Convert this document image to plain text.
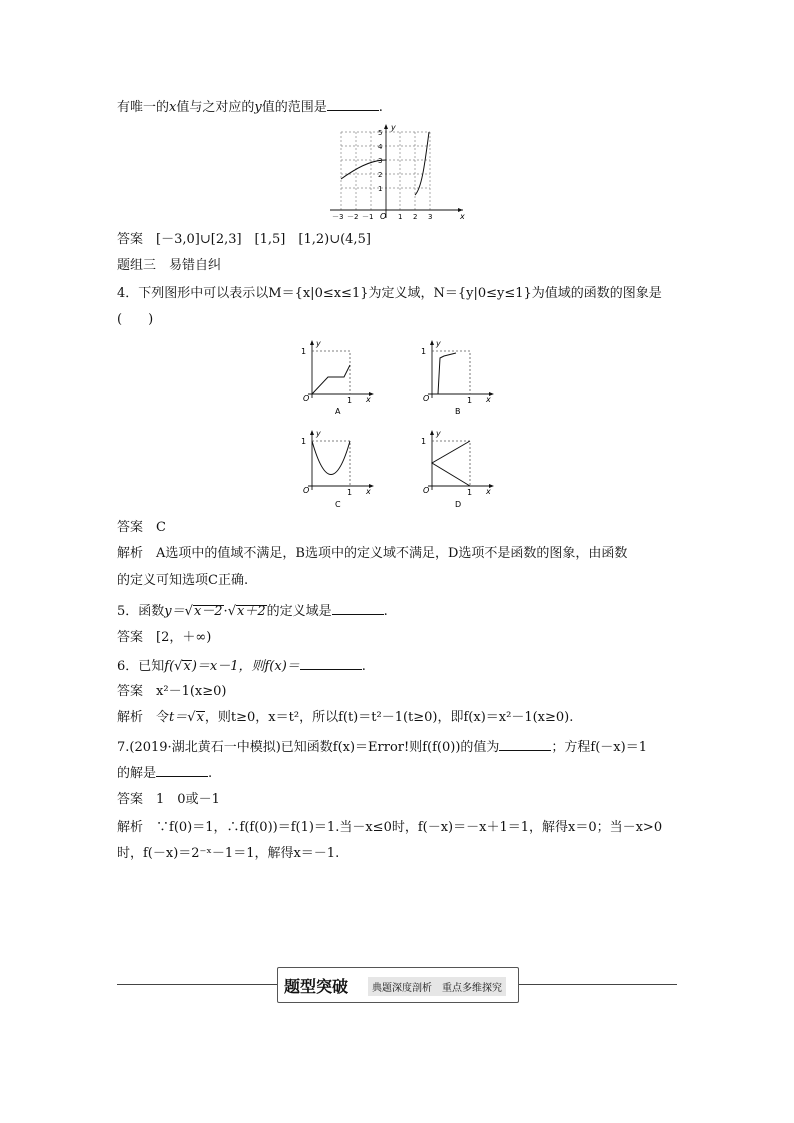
有唯一的x值与之对应的y值的范围是	.
y
x
O
－3 －2 －1	1 2 3
1
2
3
4
5
答案　 [－3,0]∪[2,3]　[1,5]　[1,2)∪(4,5]
题组三　易错自纠
4．下列图形中可以表示以M＝{x|0≤x≤1}为定义域，N＝{y|0≤y≤1}为值域的函数的图象是
(　　)
1
y
O	1 x
A
1
y
O	1 x
B
1
y
O	1 x
C
1
y
O	1 x
D
答案　 C
解析　 A选项中的值域不满足，B选项中的定义域不满足，D选项不是函数的图象，由函数
的定义可知选项C正确.
5．函数y＝√x－2·√x＋2的定义域是	.
答案　 [2，＋∞)
6．已知f(√x)＝x－1，则f(x)＝	.
答案　 x²－1(x≥0)
解析　 令t＝√x，则t≥0，x＝t²，所以f(t)＝t²－1(t≥0)，即f(x)＝x²－1(x≥0).
7.(2019·湖北黄石一中模拟)已知函数f(x)＝Error!则f(f(0))的值为	；方程f(－x)＝1
的解是	.
答案　 1　0或－1
解析　 ∵f(0)＝1，∴f(f(0))＝f(1)＝1.当－x≤0时，f(－x)＝－x＋1＝1，解得x＝0；当－x>0
时，f(－x)＝2⁻ˣ－1＝1，解得x＝－1.
题型突破	典题深度剖析　重点多维探究
